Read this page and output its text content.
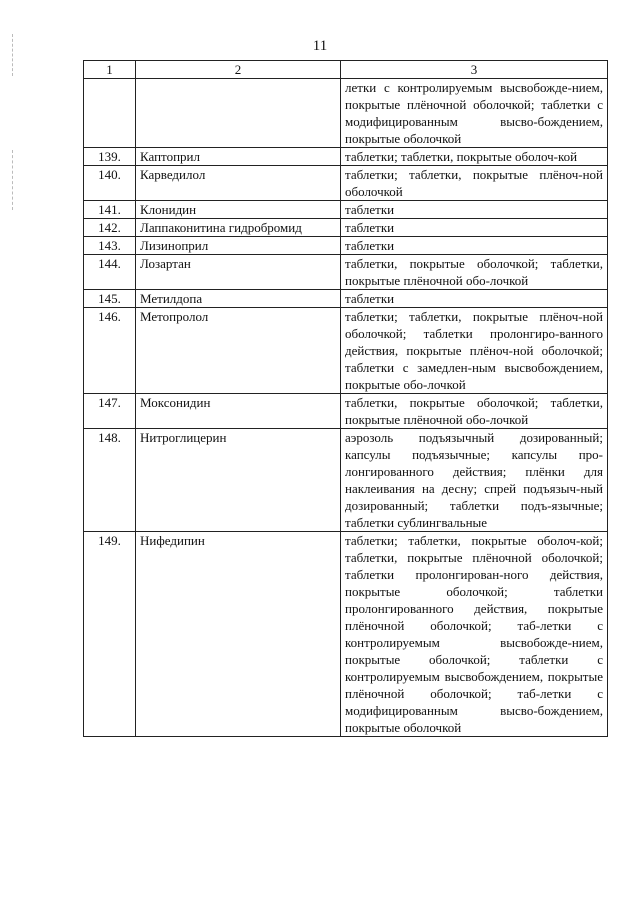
11
1	2	3
		летки с контролируемым высвобожде-нием, покрытые плёночной оболочкой; таблетки с модифицированным высво-бождением, покрытые оболочкой
139.	Каптоприл	таблетки; таблетки, покрытые оболоч-кой
140.	Карведилол	таблетки; таблетки, покрытые плёноч-ной оболочкой
141.	Клонидин	таблетки
142.	Лаппаконитина гидробромид	таблетки
143.	Лизиноприл	таблетки
144.	Лозартан	таблетки, покрытые оболочкой; таблетки, покрытые плёночной обо-лочкой
145.	Метилдопа	таблетки
146.	Метопролол	таблетки; таблетки, покрытые плёноч-ной оболочкой; таблетки пролонгиро-ванного действия, покрытые плёноч-ной оболочкой; таблетки с замедлен-ным высвобождением, покрытые обо-лочкой
147.	Моксонидин	таблетки, покрытые оболочкой; таблетки, покрытые плёночной обо-лочкой
148.	Нитроглицерин	аэрозоль подъязычный дозированный; капсулы подъязычные; капсулы про-лонгированного действия; плёнки для наклеивания на десну; спрей подъязыч-ный дозированный; таблетки подъ-язычные; таблетки сублингвальные
149.	Нифедипин	таблетки; таблетки, покрытые оболоч-кой; таблетки, покрытые плёночной оболочкой; таблетки пролонгирован-ного действия, покрытые оболочкой; таблетки пролонгированного действия, покрытые плёночной оболочкой; таб-летки с контролируемым высвобожде-нием, покрытые оболочкой; таблетки с контролируемым высвобождением, покрытые плёночной оболочкой; таб-летки с модифицированным высво-бождением, покрытые оболочкой
